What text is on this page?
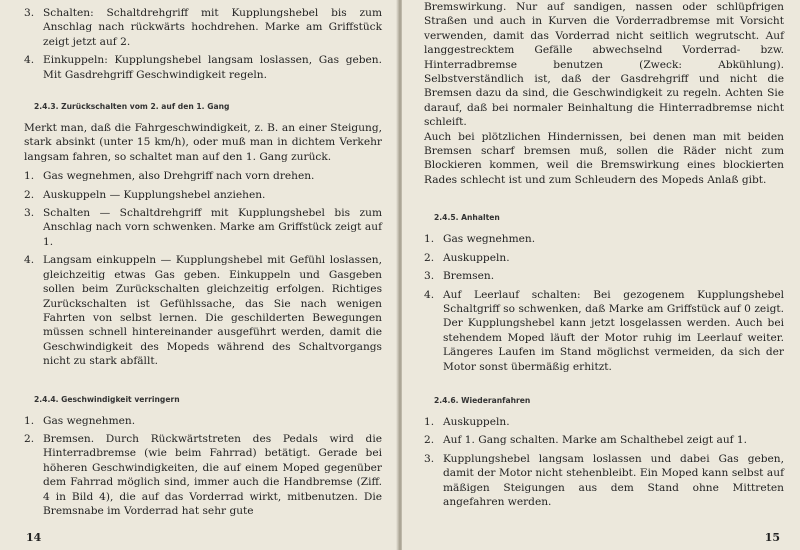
3. Schalten: Schaltdrehgriff mit Kupplungshebel bis zum Anschlag nach rückwärts hochdrehen. Marke am Griffstück zeigt jetzt auf 2.

4. Einkuppeln: Kupplungshebel langsam loslassen, Gas geben. Mit Gasdrehgriff Geschwindigkeit regeln.

2.4.3. Zurückschalten vom 2. auf den 1. Gang

Merkt man, daß die Fahrgeschwindigkeit, z. B. an einer Steigung, stark absinkt (unter 15 km/h), oder muß man in dichtem Verkehr langsam fahren, so schaltet man auf den 1. Gang zurück.

1. Gas wegnehmen, also Drehgriff nach vorn drehen.

2. Auskuppeln — Kupplungshebel anziehen.

3. Schalten — Schaltdrehgriff mit Kupplungshebel bis zum Anschlag nach vorn schwenken. Marke am Griffstück zeigt auf 1.

4. Langsam einkuppeln — Kupplungshebel mit Gefühl loslassen, gleichzeitig etwas Gas geben. Einkuppeln und Gasgeben sollen beim Zurückschalten gleichzeitig erfolgen. Richtiges Zurückschalten ist Gefühlssache, das Sie nach wenigen Fahrten von selbst lernen. Die geschilderten Bewegungen müssen schnell hintereinander ausgeführt werden, damit die Geschwindigkeit des Mopeds während des Schaltvorgangs nicht zu stark abfällt.

2.4.4. Geschwindigkeit verringern
1. Gas wegnehmen.

2. Bremsen. Durch Rückwärtstreten des Pedals wird die Hinterradbremse (wie beim Fahrrad) betätigt. Gerade bei höheren Geschwindigkeiten, die auf einem Moped gegenüber dem Fahrrad möglich sind, immer auch die Handbremse (Ziff. 4 in Bild 4), die auf das Vorderrad wirkt, mitbenutzen. Die Bremsnabe im Vorderrad hat sehr gute

14

Bremswirkung. Nur auf sandigen, nassen oder schlüpfrigen Straßen und auch in Kurven die Vorderradbremse mit Vorsicht verwenden, damit das Vorderrad nicht seitlich wegrutscht. Auf langgestrecktem Gefälle abwechselnd Vorderrad- bzw. Hinterradbremse benutzen (Zweck: Abkühlung). Selbstverständlich ist, daß der Gasdrehgriff und nicht die Bremsen dazu da sind, die Geschwindigkeit zu regeln. Achten Sie darauf, daß bei normaler Beinhaltung die Hinterradbremse nicht schleift.

Auch bei plötzlichen Hindernissen, bei denen man mit beiden Bremsen scharf bremsen muß, sollen die Räder nicht zum Blockieren kommen, weil die Bremswirkung eines blockierten Rades schlecht ist und zum Schleudern des Mopeds Anlaß gibt.

2.4.5. Anhalten
1. Gas wegnehmen.

2. Auskuppeln.

3. Bremsen.

4. Auf Leerlauf schalten: Bei gezogenem Kupplungshebel Schaltgriff so schwenken, daß Marke am Griffstück auf 0 zeigt. Der Kupplungshebel kann jetzt losgelassen werden. Auch bei stehendem Moped läuft der Motor ruhig im Leerlauf weiter. Längeres Laufen im Stand möglichst vermeiden, da sich der Motor sonst übermäßig erhitzt.

2.4.6. Wiederanfahren
1. Auskuppeln.

2. Auf 1. Gang schalten. Marke am Schalthebel zeigt auf 1.

3. Kupplungshebel langsam loslassen und dabei Gas geben, damit der Motor nicht stehenbleibt. Ein Moped kann selbst auf mäßigen Steigungen aus dem Stand ohne Mittreten angefahren werden.

15
